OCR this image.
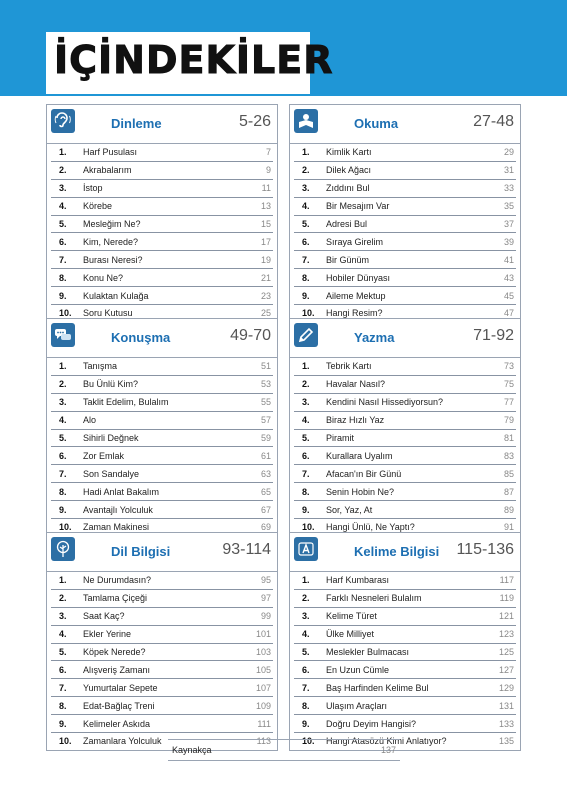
İÇİNDEKİLER
Dinleme	5-26
1.	Harf Pusulası	7
2.	Akrabalarım	9
3.	İstop	11
4.	Körebe	13
5.	Mesleğim Ne?	15
6.	Kim, Nerede?	17
7.	Burası Neresi?	19
8.	Konu Ne?	21
9.	Kulaktan Kulağa	23
10.	Soru Kutusu	25
Okuma	27-48
1.	Kimlik Kartı	29
2.	Dilek Ağacı	31
3.	Zıddını Bul	33
4.	Bir Mesajım Var	35
5.	Adresi Bul	37
6.	Sıraya Girelim	39
7.	Bir Günüm	41
8.	Hobiler Dünyası	43
9.	Aileme Mektup	45
10.	Hangi Resim?	47
Konuşma	49-70
1.	Tanışma	51
2.	Bu Ünlü Kim?	53
3.	Taklit Edelim, Bulalım	55
4.	Alo	57
5.	Sihirli Değnek	59
6.	Zor Emlak	61
7.	Son Sandalye	63
8.	Hadi Anlat Bakalım	65
9.	Avantajlı Yolculuk	67
10.	Zaman Makinesi	69
Yazma	71-92
1.	Tebrik Kartı	73
2.	Havalar Nasıl?	75
3.	Kendini Nasıl Hissediyorsun?	77
4.	Biraz Hızlı Yaz	79
5.	Piramit	81
6.	Kurallara Uyalım	83
7.	Afacan'ın Bir Günü	85
8.	Senin Hobin Ne?	87
9.	Sor, Yaz, At	89
10.	Hangi Ünlü, Ne Yaptı?	91
Dil Bilgisi	93-114
1.	Ne Durumdasın?	95
2.	Tamlama Çiçeği	97
3.	Saat Kaç?	99
4.	Ekler Yerine	101
5.	Köpek Nerede?	103
6.	Alışveriş Zamanı	105
7.	Yumurtalar Sepete	107
8.	Edat-Bağlaç Treni	109
9.	Kelimeler Askıda	111
10.	Zamanlara Yolculuk	113
Kelime Bilgisi 115-136
1.	Harf Kumbarası	117
2.	Farklı Nesneleri Bulalım	119
3.	Kelime Türet	121
4.	Ülke Milliyet	123
5.	Meslekler Bulmacası	125
6.	En Uzun Cümle	127
7.	Baş Harfinden Kelime Bul	129
8.	Ulaşım Araçları	131
9.	Doğru Deyim Hangisi?	133
10.	Hangi Atasözü Kimi Anlatıyor?	135
Kaynakça	137
